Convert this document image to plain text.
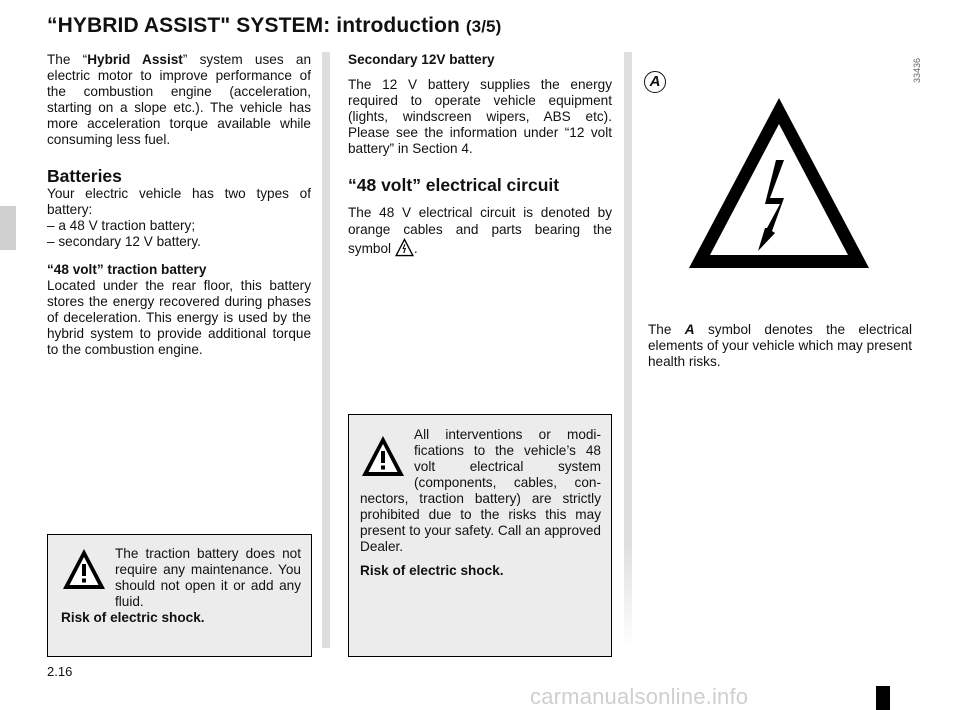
“HYBRID ASSIST" SYSTEM: introduction (3/5)

The “Hybrid Assist” system uses an electric motor to improve performance of the combustion engine (acceleration, starting on a slope etc.). The vehicle has more acceleration torque available while consuming less fuel.

Batteries
Your electric vehicle has two types of battery:
– a 48 V traction battery;
– secondary 12 V battery.
“48 volt” traction battery
Located under the rear floor, this battery stores the energy recovered during phases of deceleration. This energy is used by the hybrid system to provide additional torque to the combustion engine.
The traction battery does not require any maintenance. You should not open it or add any fluid.
Risk of electric shock.
Secondary 12V battery

The 12 V battery supplies the energy required to operate vehicle equipment (lights, windscreen wipers, ABS etc). Please see the information under “12 volt battery” in Section 4.

“48 volt” electrical circuit

The 48 V electrical circuit is denoted by orange cables and parts bearing the symbol .

All interventions or modifications to the vehicle’s 48 volt electrical system (components, cables, connectors, traction battery) are strictly prohibited due to the risks this may present to your safety. Call an approved Dealer.
Risk of electric shock.
33436
A
The A symbol denotes the electrical elements of your vehicle which may present health risks.
2.16
carmanualsonline.info
